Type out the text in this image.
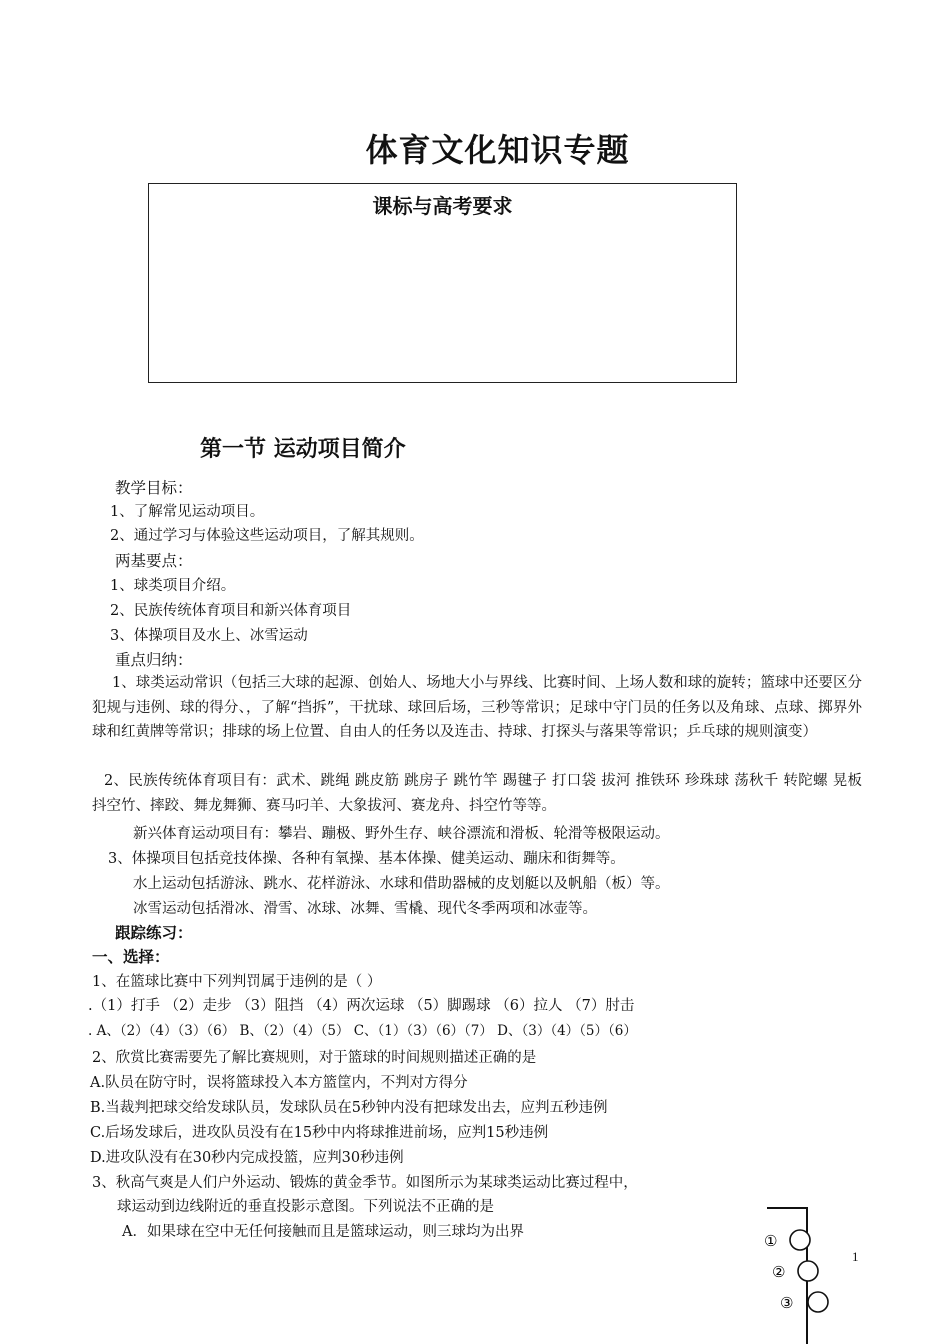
体育文化知识专题
课标与高考要求
第一节 运动项目简介
教学目标：
1、了解常见运动项目。
2、通过学习与体验这些运动项目，了解其规则。
两基要点：
1、球类项目介绍。
2、民族传统体育项目和新兴体育项目
3、体操项目及水上、冰雪运动
重点归纳：
1、球类运动常识（包括三大球的起源、创始人、场地大小与界线、比赛时间、上场人数和球的旋转；篮球中还要区分犯规与违例、球的得分、，了解“挡拆”，干扰球、球回后场，三秒等常识；足球中守门员的任务以及角球、点球、掷界外球和红黄牌等常识；排球的场上位置、自由人的任务以及连击、持球、打探头与落果等常识；乒乓球的规则演变）
2、民族传统体育项目有：武术、跳绳 跳皮筋 跳房子 跳竹竿 踢毽子 打口袋 拔河 推铁环 珍珠球 荡秋千 转陀螺 晃板 抖空竹、摔跤、舞龙舞狮、赛马叼羊、大象拔河、赛龙舟、抖空竹等等。
新兴体育运动项目有：攀岩、蹦极、野外生存、峡谷漂流和滑板、轮滑等极限运动。
3、体操项目包括竞技体操、各种有氧操、基本体操、健美运动、蹦床和街舞等。
水上运动包括游泳、跳水、花样游泳、水球和借助器械的皮划艇以及帆船（板）等。
冰雪运动包括滑冰、滑雪、冰球、冰舞、雪橇、现代冬季两项和冰壶等。
跟踪练习：
一、选择：
1、在篮球比赛中下列判罚属于违例的是（ ）
.（1）打手 （2）走步 （3）阻挡 （4）两次运球 （5）脚踢球 （6）拉人 （7）肘击
. A、（2）（4）（3）（6） B、（2）（4）（5） C、（1）（3）（6）（7） D、（3）（4）（5）（6）
2、欣赏比赛需要先了解比赛规则，对于篮球的时间规则描述正确的是
A.队员在防守时，误将篮球投入本方篮筐内，不判对方得分
B.当裁判把球交给发球队员，发球队员在5秒钟内没有把球发出去，应判五秒违例
C.后场发球后，进攻队员没有在15秒中内将球推进前场，应判15秒违例
D.进攻队没有在30秒内完成投篮，应判30秒违例
3、秋高气爽是人们户外运动、锻炼的黄金季节。如图所示为某球类运动比赛过程中，
球运动到边线附近的垂直投影示意图。下列说法不正确的是
A．如果球在空中无任何接触而且是篮球运动，则三球均为出界	①
②
③
1
